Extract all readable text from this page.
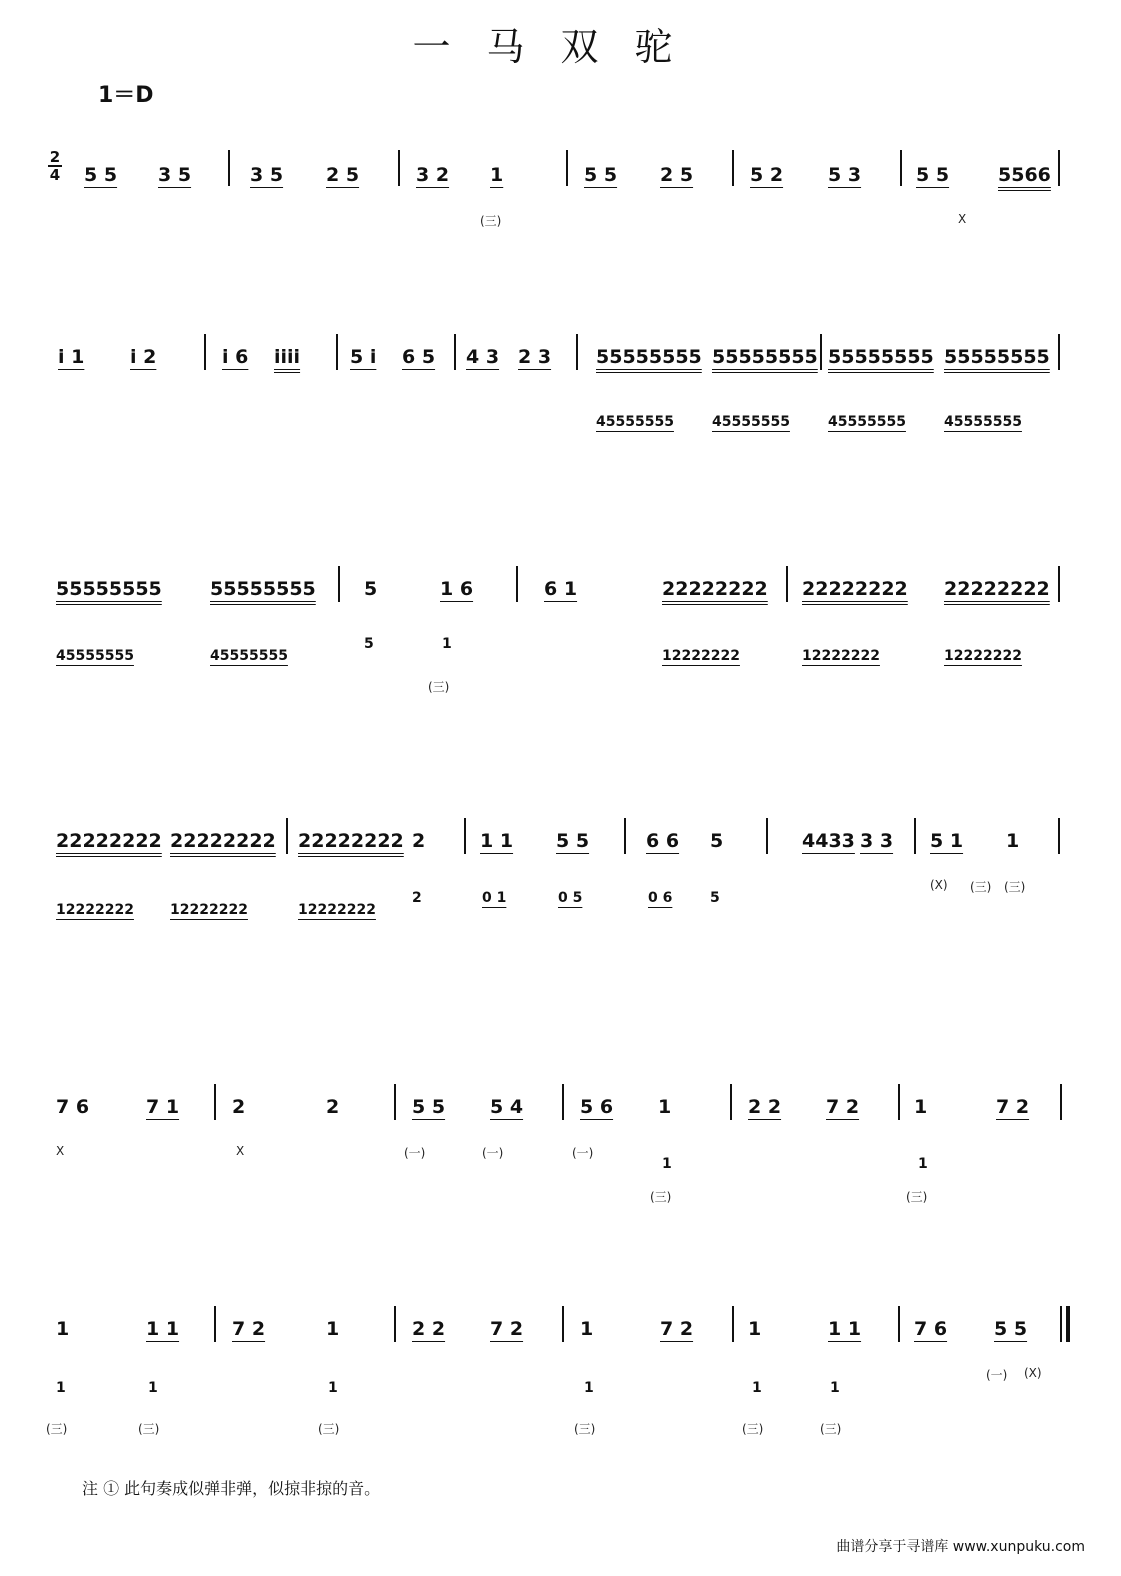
一马双驼
1＝D
2
4 5 5 3 5	3 5 2 5	3 2 1	5 5 2 5	5 2 5 3	5 5	5566
(三)	X
i 1 i 2	i 6 iiii	5 i 6 5 4 3 2 3 55555555 55555555 55555555 55555555
45555555	45555555	45555555	45555555
55555555	55555555	5	1 6	6 1	22222222 22222222 22222222
45555555	45555555
5	1
12222222	12222222	12222222
(三)
22222222 22222222 22222222 2	1 1 5 5	6 6 5	4433 3 3 5 1 1
12222222	12222222	12222222
2	0 1	0 5	0 6	5
(X) (三) (三)
7 6	7 1	2	2	5 5 5 4	5 6 1	2 2 7 2	1	7 2
1	1
X	X	(一)	(一)	(一)
(三)	(三)
1	1 1	7 2	1	2 2 7 2	1	7 2	1	1 1	7 6 5 5
1	1	1	1	1	1
(三)	(三)	(三)	(三)	(三)	(三)
(一) (X)
注 ① 此句奏成似弹非弹，似掠非掠的音。
曲谱分享于寻谱库 www.xunpuku.com
